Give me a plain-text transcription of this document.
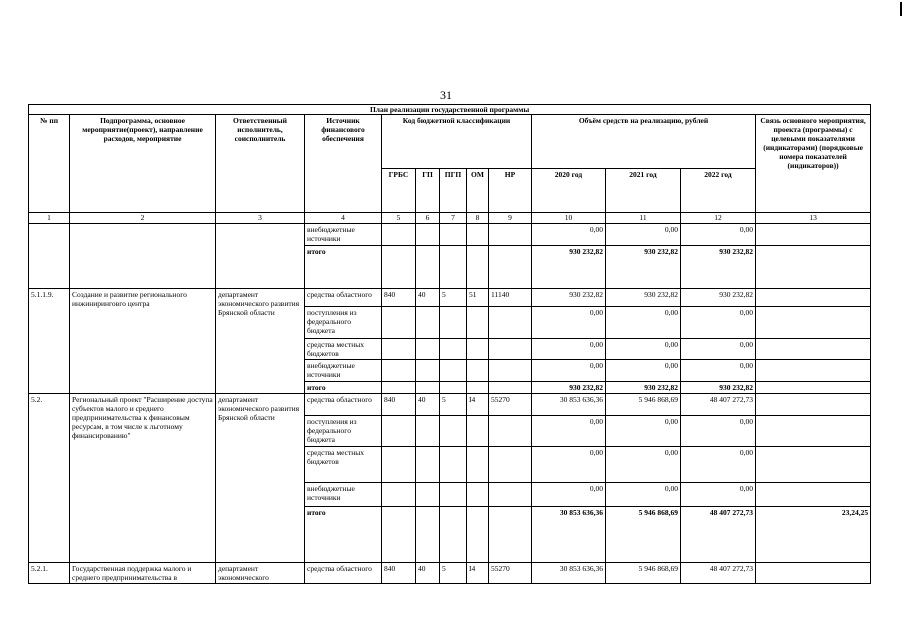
31
План реализации государственной программы												
№ пп	Подпрограмма, основное мероприятие(проект), направление расходов, мероприятие	Ответственный исполнитель, соисполнитель	Источник финансового обеспечения	Код бюджетной классификации					Объём средств на реализацию, рублей			Связь основного мероприятия, проекта (программы) с целевыми показателями (индикаторами) (порядковые номера показателей (индикаторов))
				ГРБС	ГП	ПГП	ОМ	НР	2020 год	2021 год	2022 год	
1	2	3	4	5	6	7	8	9	10	11	12	13
			внебюджетные источники						0,00	0,00	0,00	
			итого						930 232,82	930 232,82	930 232,82	
5.1.1.9.	Создание и развитие регионального инжиниринговго центра	департамент экономического развития Брянской области	средства областного	840	40	5	51	11140	930 232,82	930 232,82	930 232,82	
			поступления из федерального бюджета						0,00	0,00	0,00	
			средства местных бюджетов						0,00	0,00	0,00	
			внебюджетные источники						0,00	0,00	0,00	
			итого						930 232,82	930 232,82	930 232,82	
5.2.	Региональный проект "Расширение доступа субъектов малого и среднего предпринимательства к финансовым ресурсам, в том числе к льготному финансированию"	департамент экономического развития Брянской области	средства областного	840	40	5	I4	55270	30 853 636,36	5 946 868,69	48 407 272,73	
			поступления из федерального бюджета						0,00	0,00	0,00	
			средства местных бюджетов						0,00	0,00	0,00	
			внебюджетные источники						0,00	0,00	0,00	
			итого						30 853 636,36	5 946 868,69	48 407 272,73	23,24,25
5.2.1.	Государственная поддержка малого и среднего предпринимательства в	департамент экономического	средства областного	840	40	5	I4	55270	30 853 636,36	5 946 868,69	48 407 272,73	
